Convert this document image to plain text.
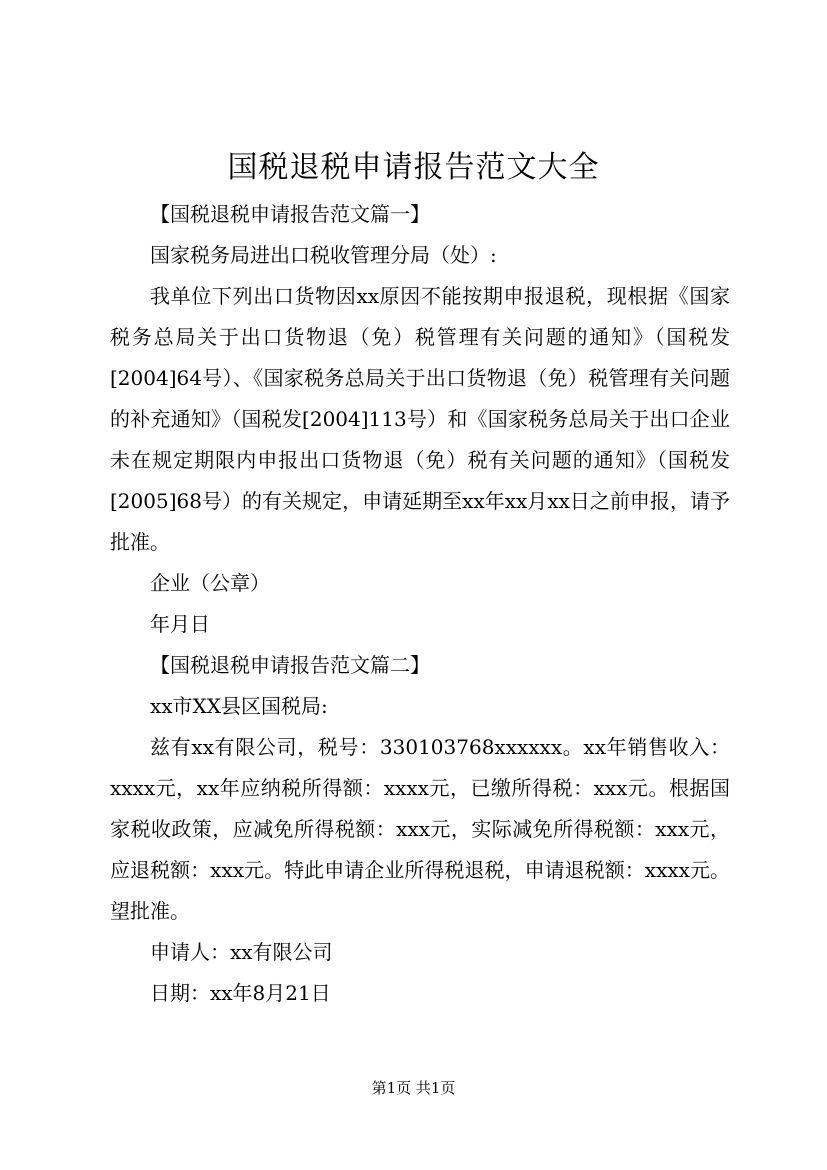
国税退税申请报告范文大全

【国税退税申请报告范文篇一】

国家税务局进出口税收管理分局（处）:

我单位下列出口货物因xx原因不能按期申报退税，现根据《国家税务总局关于出口货物退（免）税管理有关问题的通知》（国税发[2004]64号）、《国家税务总局关于出口货物退（免）税管理有关问题的补充通知》（国税发[2004]113号）和《国家税务总局关于出口企业未在规定期限内申报出口货物退（免）税有关问题的通知》（国税发[2005]68号）的有关规定，申请延期至xx年xx月xx日之前申报，请予批准。

企业（公章）

年月日

【国税退税申请报告范文篇二】

xx市XX县区国税局:

兹有xx有限公司，税号：330103768xxxxxx。xx年销售收入：xxxx元，xx年应纳税所得额：xxxx元，已缴所得税：xxx元。根据国家税收政策，应减免所得税额：xxx元，实际减免所得税额：xxx元，应退税额：xxx元。特此申请企业所得税退税，申请退税额：xxxx元。望批准。

申请人：xx有限公司

日期：xx年8月21日

第1页 共1页
